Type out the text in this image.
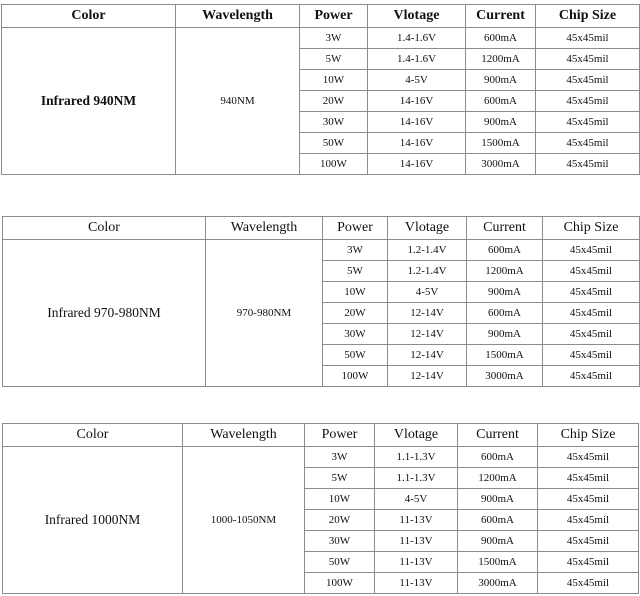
Color	Wavelength	Power	Vlotage	Current	Chip Size
Infrared 940NM	940NM	3W	1.4-1.6V	600mA	45x45mil
		5W	1.4-1.6V	1200mA	45x45mil
		10W	4-5V	900mA	45x45mil
		20W	14-16V	600mA	45x45mil
		30W	14-16V	900mA	45x45mil
		50W	14-16V	1500mA	45x45mil
		100W	14-16V	3000mA	45x45mil
Color	Wavelength	Power	Vlotage	Current	Chip Size
Infrared 970-980NM	970-980NM	3W	1.2-1.4V	600mA	45x45mil
		5W	1.2-1.4V	1200mA	45x45mil
		10W	4-5V	900mA	45x45mil
		20W	12-14V	600mA	45x45mil
		30W	12-14V	900mA	45x45mil
		50W	12-14V	1500mA	45x45mil
		100W	12-14V	3000mA	45x45mil
Color	Wavelength	Power	Vlotage	Current	Chip Size
Infrared 1000NM	1000-1050NM	3W	1.1-1.3V	600mA	45x45mil
		5W	1.1-1.3V	1200mA	45x45mil
		10W	4-5V	900mA	45x45mil
		20W	11-13V	600mA	45x45mil
		30W	11-13V	900mA	45x45mil
		50W	11-13V	1500mA	45x45mil
		100W	11-13V	3000mA	45x45mil
